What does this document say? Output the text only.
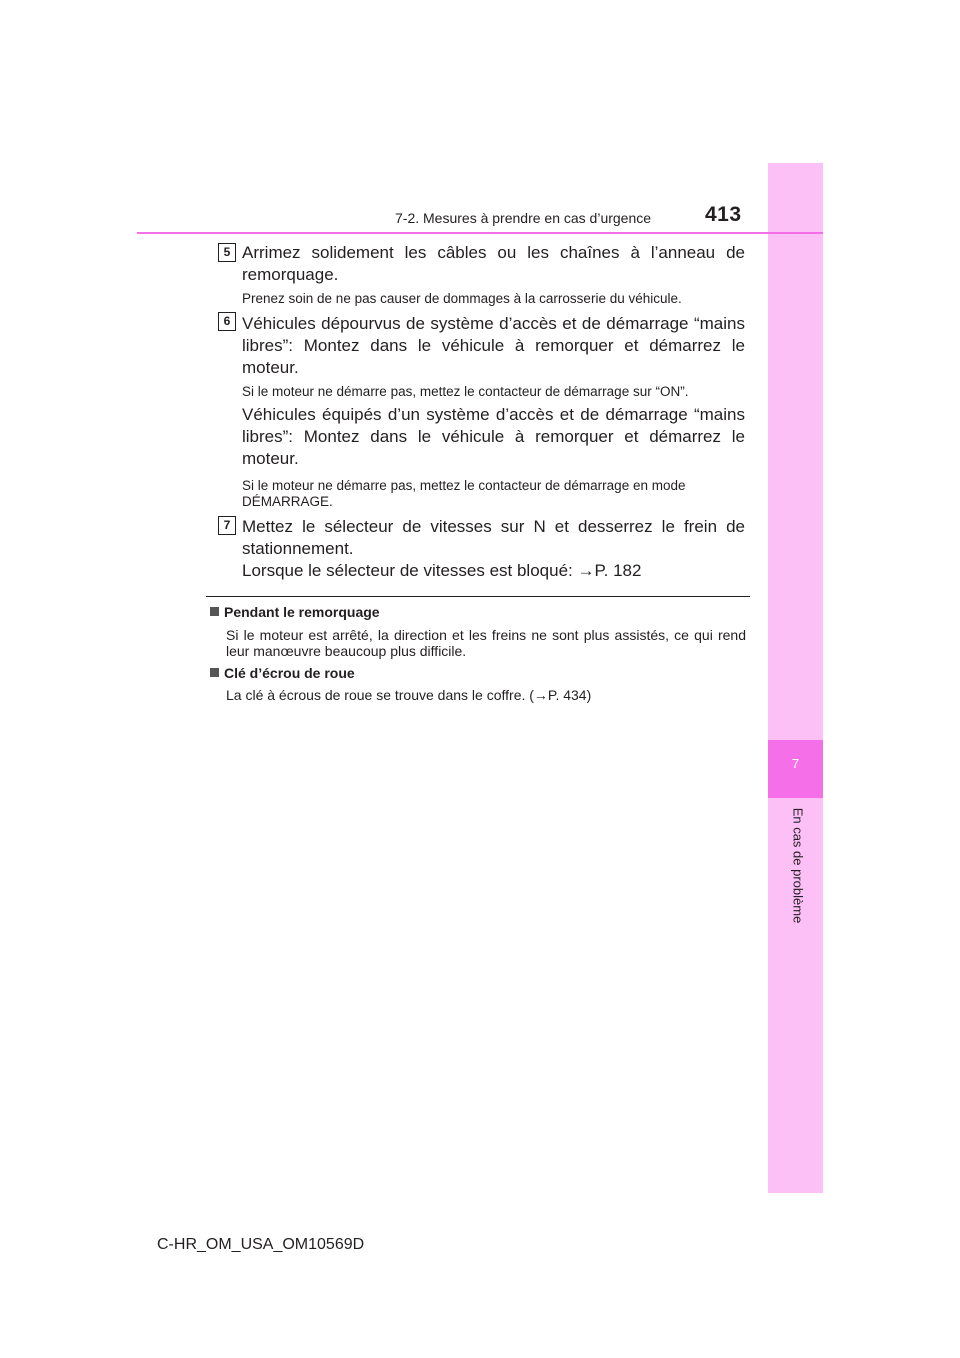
7
En cas de problème
7-2. Mesures à prendre en cas d’urgence	413
5 Arrimez solidement les câbles ou les chaînes à l’anneau de remorquage.
Prenez soin de ne pas causer de dommages à la carrosserie du véhicule.
6 Véhicules dépourvus de système d’accès et de démarrage “mains libres”: Montez dans le véhicule à remorquer et démarrez le moteur.
Si le moteur ne démarre pas, mettez le contacteur de démarrage sur “ON”.
Véhicules équipés d’un système d’accès et de démarrage “mains libres”: Montez dans le véhicule à remorquer et démarrez le moteur.
Si le moteur ne démarre pas, mettez le contacteur de démarrage en mode
DÉMARRAGE.
7 Mettez le sélecteur de vitesses sur N et desserrez le frein de stationnement.
Lorsque le sélecteur de vitesses est bloqué: →P. 182
Pendant le remorquage
Si le moteur est arrêté, la direction et les freins ne sont plus assistés, ce qui rend leur manœuvre beaucoup plus difficile.
Clé d’écrou de roue
La clé à écrous de roue se trouve dans le coffre. (→P. 434)
C-HR_OM_USA_OM10569D
